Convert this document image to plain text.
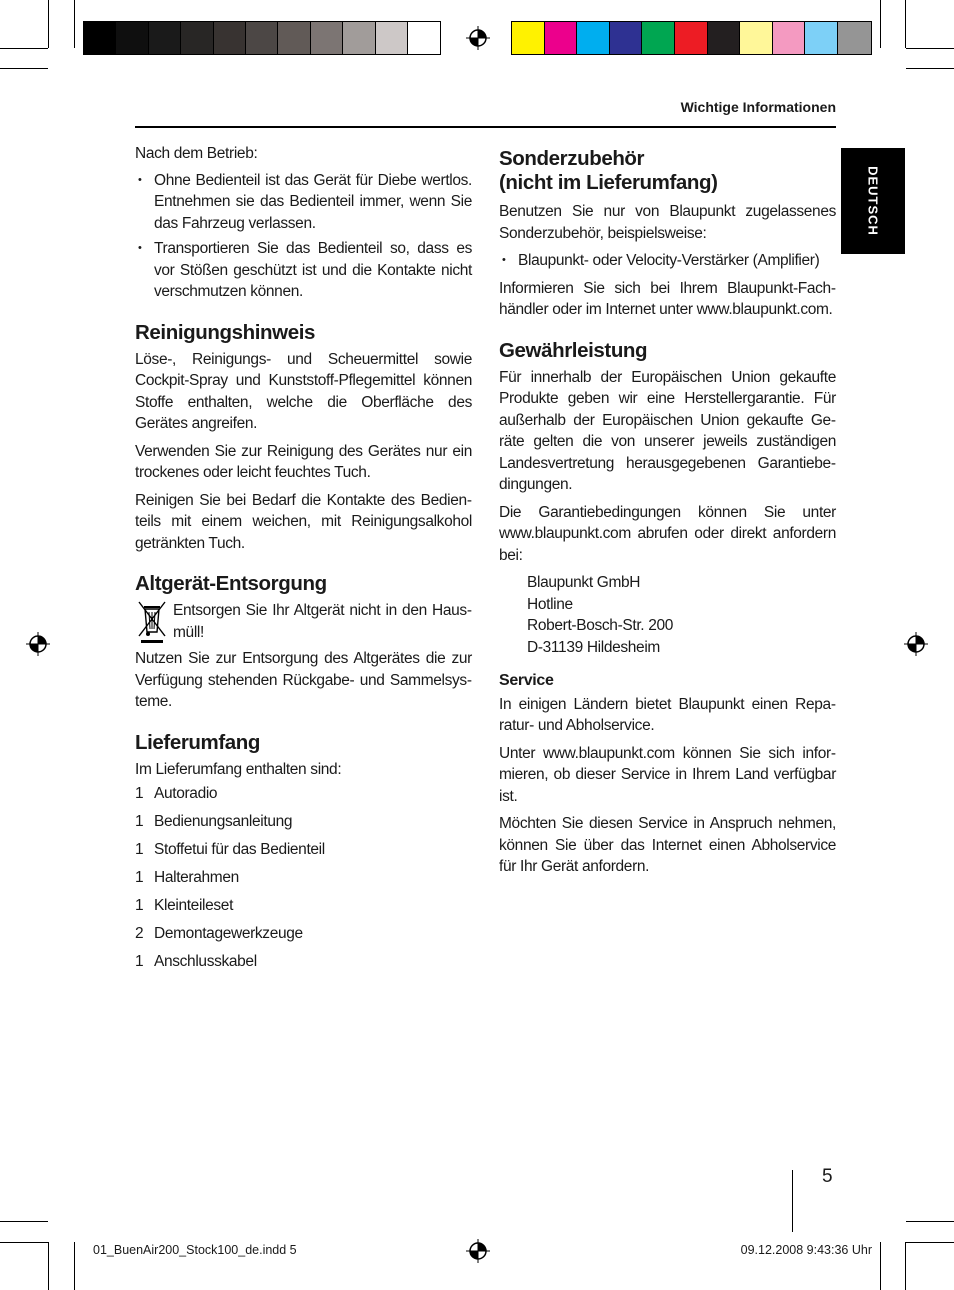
Wichtige Informationen
DEUTSCH

Nach dem Betrieb:

• Ohne Bedienteil ist das Gerät für Diebe wertlos. Entnehmen sie das Bedienteil immer, wenn Sie das Fahrzeug verlassen.
• Transportieren Sie das Bedienteil so, dass es vor Stößen geschützt ist und die Kontakte nicht verschmutzen können.
Reinigungshinweis

Löse-, Reinigungs- und Scheuermittel sowie Cockpit-Spray und Kunststoff-Pflegemittel können Stoffe enthalten, welche die Oberfläche des Gerätes angreifen.

Verwenden Sie zur Reinigung des Gerätes nur ein trockenes oder leicht feuchtes Tuch.

Reinigen Sie bei Bedarf die Kontakte des Bedienteils mit einem weichen, mit Reinigungsalkohol getränkten Tuch.

Altgerät-Entsorgung

Entsorgen Sie Ihr Altgerät nicht in den Hausmüll!

Nutzen Sie zur Entsorgung des Altgerätes die zur Verfügung stehenden Rückgabe- und Sammelsysteme.

Lieferumfang

Im Lieferumfang enthalten sind:

1 Autoradio
1 Bedienungsanleitung
1 Stoffetui für das Bedienteil
1 Halterahmen
1 Kleinteileset
2 Demontagewerkzeuge
1 Anschlusskabel
Sonderzubehör
(nicht im Lieferumfang)

Benutzen Sie nur von Blaupunkt zugelassenes Sonderzubehör, beispielsweise:

• Blaupunkt- oder Velocity-Verstärker (Amplifier)

Informieren Sie sich bei Ihrem Blaupunkt-Fachhändler oder im Internet unter www.blaupunkt.com.

Gewährleistung

Für innerhalb der Europäischen Union gekaufte Produkte geben wir eine Herstellergarantie. Für außerhalb der Europäischen Union gekaufte Geräte gelten die von unserer jeweils zuständigen Landesvertretung herausgegebenen Garantiebedingungen.

Die Garantiebedingungen können Sie unter www.blaupunkt.com abrufen oder direkt anfordern bei:

Blaupunkt GmbH
Hotline
Robert-Bosch-Str. 200
D-31139 Hildesheim
Service

In einigen Ländern bietet Blaupunkt einen Reparatur- und Abholservice.

Unter www.blaupunkt.com können Sie sich informieren, ob dieser Service in Ihrem Land verfügbar ist.

Möchten Sie diesen Service in Anspruch nehmen, können Sie über das Internet einen Abholservice für Ihr Gerät anfordern.

5
01_BuenAir200_Stock100_de.indd 5	09.12.2008 9:43:36 Uhr
